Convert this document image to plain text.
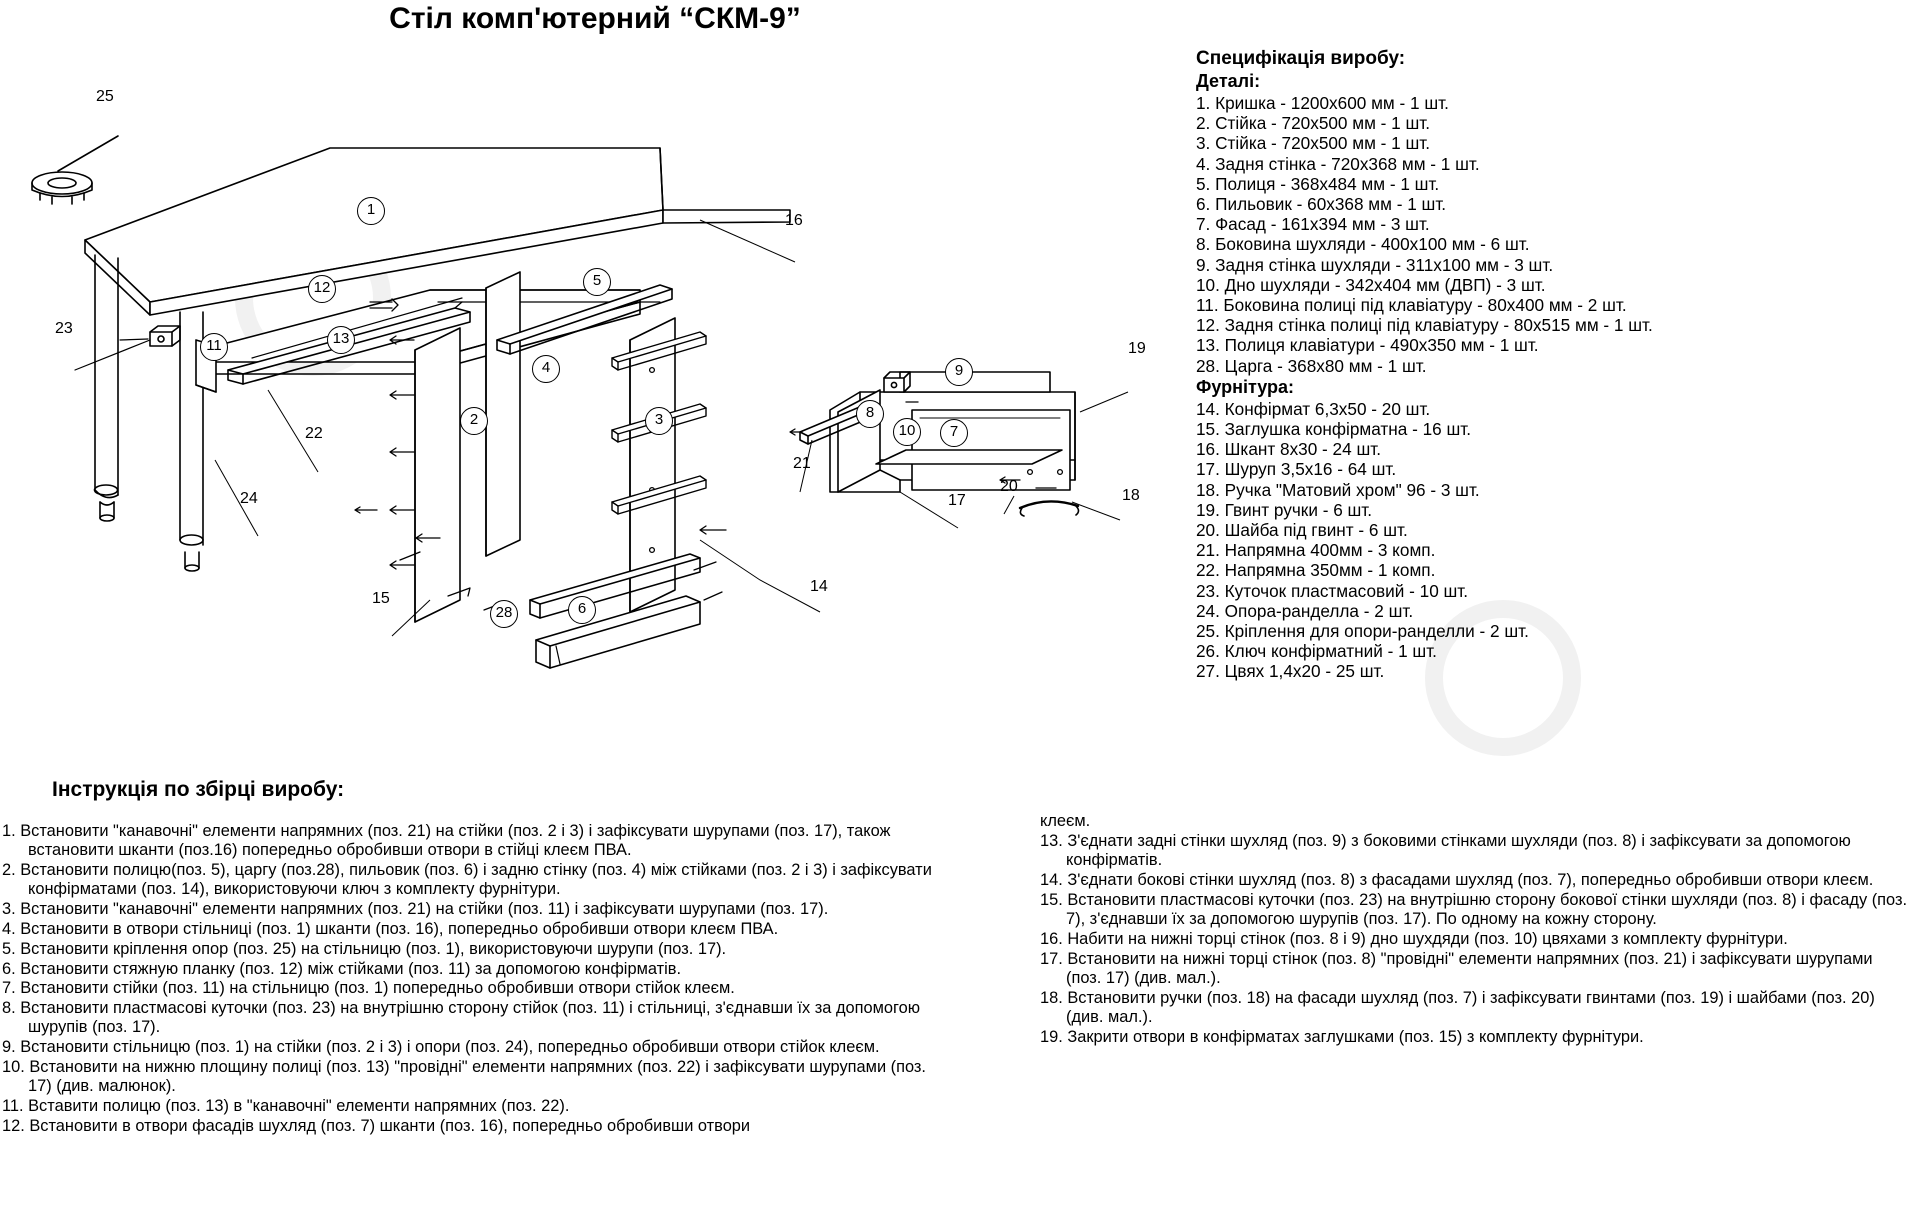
Стіл комп'ютерний “СКМ-9”
25
16
23
22
24
15
14
21
17
20
18
19
1
12
13
11
2	3
4
5
6
28
7
8
9
10
Специфікація виробу:
Деталі:
1. Кришка - 1200х600 мм - 1 шт.
2. Стійка - 720х500 мм - 1 шт.
3. Стійка - 720х500 мм - 1 шт.
4. Задня стінка - 720х368 мм - 1 шт.
5. Полиця - 368х484 мм - 1 шт.
6. Пильовик - 60х368 мм - 1 шт.
7. Фасад - 161х394 мм - 3 шт.
8. Боковина шухляди - 400х100 мм - 6 шт.
9. Задня стінка шухляди - 311х100 мм - 3 шт.
10. Дно шухляди - 342х404 мм (ДВП) - 3 шт.
11. Боковина полиці під клавіатуру - 80х400 мм - 2 шт.
12. Задня стінка полиці під клавіатуру - 80х515 мм - 1 шт.
13. Полиця клавіатури - 490х350 мм - 1 шт.
28. Царга - 368х80 мм - 1 шт.
Фурнітура:
14. Конфірмат 6,3х50 - 20 шт.
15. Заглушка конфірматна - 16 шт.
16. Шкант 8х30 - 24 шт.
17. Шуруп 3,5х16 - 64 шт.
18. Ручка "Матовий хром" 96 - 3 шт.
19. Гвинт ручки - 6 шт.
20. Шайба під гвинт - 6 шт.
21. Напрямна 400мм - 3 комп.
22. Напрямна 350мм - 1 комп.
23. Куточок пластмасовий - 10 шт.
24. Опора-ранделла - 2 шт.
25. Кріплення для опори-ранделли - 2 шт.
26. Ключ конфірматний - 1 шт.
27. Цвях 1,4х20 - 25 шт.
Інструкція по збірці виробу:

1. Встановити "канавочні" елементи напрямних (поз. 21) на стійки (поз. 2 і 3) і зафіксувати шурупами (поз. 17), також встановити шканти (поз.16) попередньо обробивши отвори в стійці клеєм ПВА.

2. Встановити полицю(поз. 5), царгу (поз.28), пильовик (поз. 6) і задню стінку (поз. 4) між стійками (поз. 2 і 3) і зафіксувати конфірматами (поз. 14), використовуючи ключ з комплекту фурнітури.

3. Встановити "канавочні" елементи напрямних (поз. 21) на стійки (поз. 11) і зафіксувати шурупами (поз. 17).

4. Встановити в отвори стільниці (поз. 1) шканти (поз. 16), попередньо обробивши отвори клеєм ПВА.

5. Встановити кріплення опор (поз. 25) на стільницю (поз. 1), використовуючи шурупи (поз. 17).

6. Встановити стяжную планку (поз. 12) між стійками (поз. 11) за допомогою конфірматів.

7. Встановити стійки (поз. 11) на стільницю (поз. 1) попередньо обробивши отвори стійок клеєм.

8. Встановити пластмасові куточки (поз. 23) на внутрішню сторону стійок (поз. 11) і стільниці, з'єднавши їх за допомогою шурупів (поз. 17).

9. Встановити стільницю (поз. 1) на стійки (поз. 2 і 3) і опори (поз. 24), попередньо обробивши отвори стійок клеєм.

10. Встановити на нижню площину полиці (поз. 13) "провідні" елементи напрямних (поз. 22) і зафіксувати шурупами (поз. 17) (див. малюнок).

11. Вставити полицю (поз. 13) в "канавочні" елементи напрямних (поз. 22).

12. Встановити в отвори фасадів шухляд (поз. 7) шканти (поз. 16), попередньо обробивши отвори

клеєм.

13. З'єднати задні стінки шухляд (поз. 9) з боковими стінками шухляди (поз. 8) і зафіксувати за допомогою конфірматів.

14. З'єднати бокові стінки шухляд (поз. 8) з фасадами шухляд (поз. 7), попередньо обробивши отвори клеєм.

15. Встановити пластмасові куточки (поз. 23) на внутрішню сторону бокової стінки шухляди (поз. 8) і фасаду (поз. 7), з'єднавши їх за допомогою шурупів (поз. 17). По одному на кожну сторону.

16. Набити на нижні торці стінок (поз. 8 і 9) дно шухдяди (поз. 10) цвяхами з комплекту фурнітури.

17. Встановити на нижні торці стінок (поз. 8) "провідні" елементи напрямних (поз. 21) і зафіксувати шурупами (поз. 17) (див. мал.).

18. Встановити ручки (поз. 18) на фасади шухляд (поз. 7) і зафіксувати гвинтами (поз. 19) і шайбами (поз. 20) (див. мал.).

19. Закрити отвори в конфірматах заглушками (поз. 15) з комплекту фурнітури.
